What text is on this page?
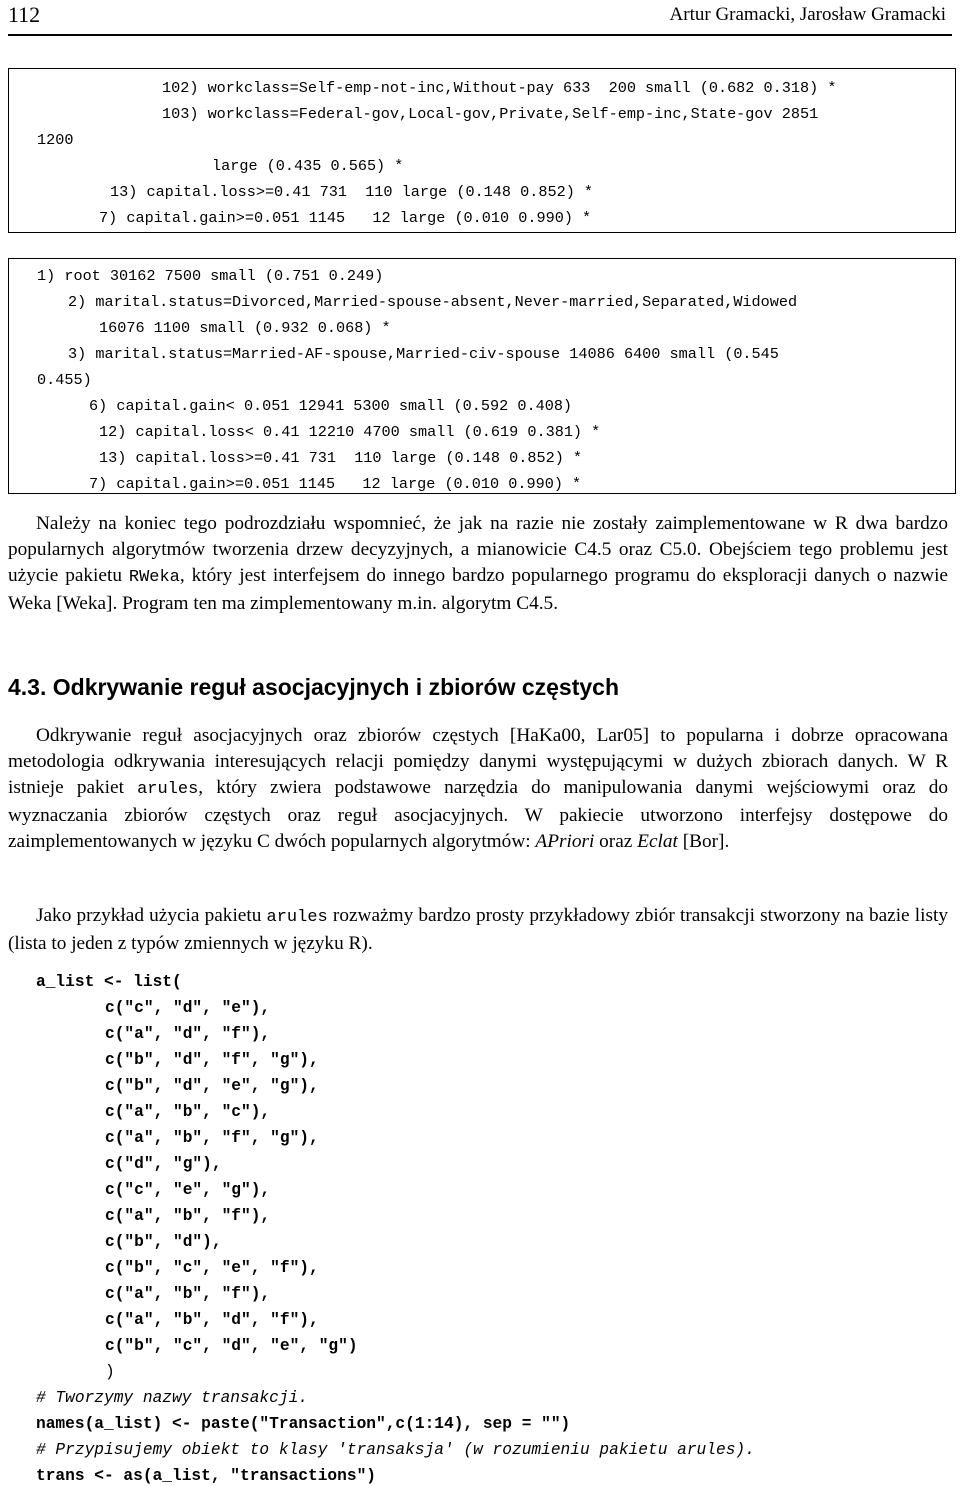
112	Artur Gramacki, Jarosław Gramacki

102) workclass=Self-emp-not-inc,Without-pay 633  200 small (0.682 0.318) *

103) workclass=Federal-gov,Local-gov,Private,Self-emp-inc,State-gov 2851

1200

large (0.435 0.565) *

13) capital.loss>=0.41 731  110 large (0.148 0.852) *

7) capital.gain>=0.051 1145   12 large (0.010 0.990) *

1) root 30162 7500 small (0.751 0.249)

2) marital.status=Divorced,Married-spouse-absent,Never-married,Separated,Widowed

16076 1100 small (0.932 0.068) *

3) marital.status=Married-AF-spouse,Married-civ-spouse 14086 6400 small (0.545

0.455)

6) capital.gain< 0.051 12941 5300 small (0.592 0.408)

12) capital.loss< 0.41 12210 4700 small (0.619 0.381) *

13) capital.loss>=0.41 731  110 large (0.148 0.852) *

7) capital.gain>=0.051 1145   12 large (0.010 0.990) *

Należy na koniec tego podrozdziału wspomnieć, że jak na razie nie zostały zaimplementowane w R dwa bardzo popularnych algorytmów tworzenia drzew decyzyjnych, a mianowicie C4.5 oraz C5.0. Obejściem tego problemu jest użycie pakietu RWeka, który jest interfejsem do innego bardzo popularnego programu do eksploracji danych o nazwie Weka [Weka]. Program ten ma zimplementowany m.in. algorytm C4.5.
4.3. Odkrywanie reguł asocjacyjnych i zbiorów częstych
Odkrywanie reguł asocjacyjnych oraz zbiorów częstych [HaKa00, Lar05] to popularna i dobrze opracowana metodologia odkrywania interesujących relacji pomiędzy danymi występującymi w dużych zbiorach danych. W R istnieje pakiet arules, który zwiera podstawowe narzędzia do manipulowania danymi wejściowymi oraz do wyznaczania zbiorów częstych oraz reguł asocjacyjnych. W pakiecie utworzono interfejsy dostępowe do zaimplementowanych w języku C dwóch popularnych algorytmów: APriori oraz Eclat [Bor].
Jako przykład użycia pakietu arules rozważmy bardzo prosty przykładowy zbiór transakcji stworzony na bazie listy (lista to jeden z typów zmiennych w języku R).
a_list <- list(
c("c", "d", "e"),
c("a", "d", "f"),
c("b", "d", "f", "g"),
c("b", "d", "e", "g"),
c("a", "b", "c"),
c("a", "b", "f", "g"),
c("d", "g"),
c("c", "e", "g"),
c("a", "b", "f"),
c("b", "d"),
c("b", "c", "e", "f"),
c("a", "b", "f"),
c("a", "b", "d", "f"),
c("b", "c", "d", "e", "g")
)
# Tworzymy nazwy transakcji.
names(a_list) <- paste("Transaction",c(1:14), sep = "")
# Przypisujemy obiekt to klasy 'transaksja' (w rozumieniu pakietu arules).
trans <- as(a_list, "transactions")
